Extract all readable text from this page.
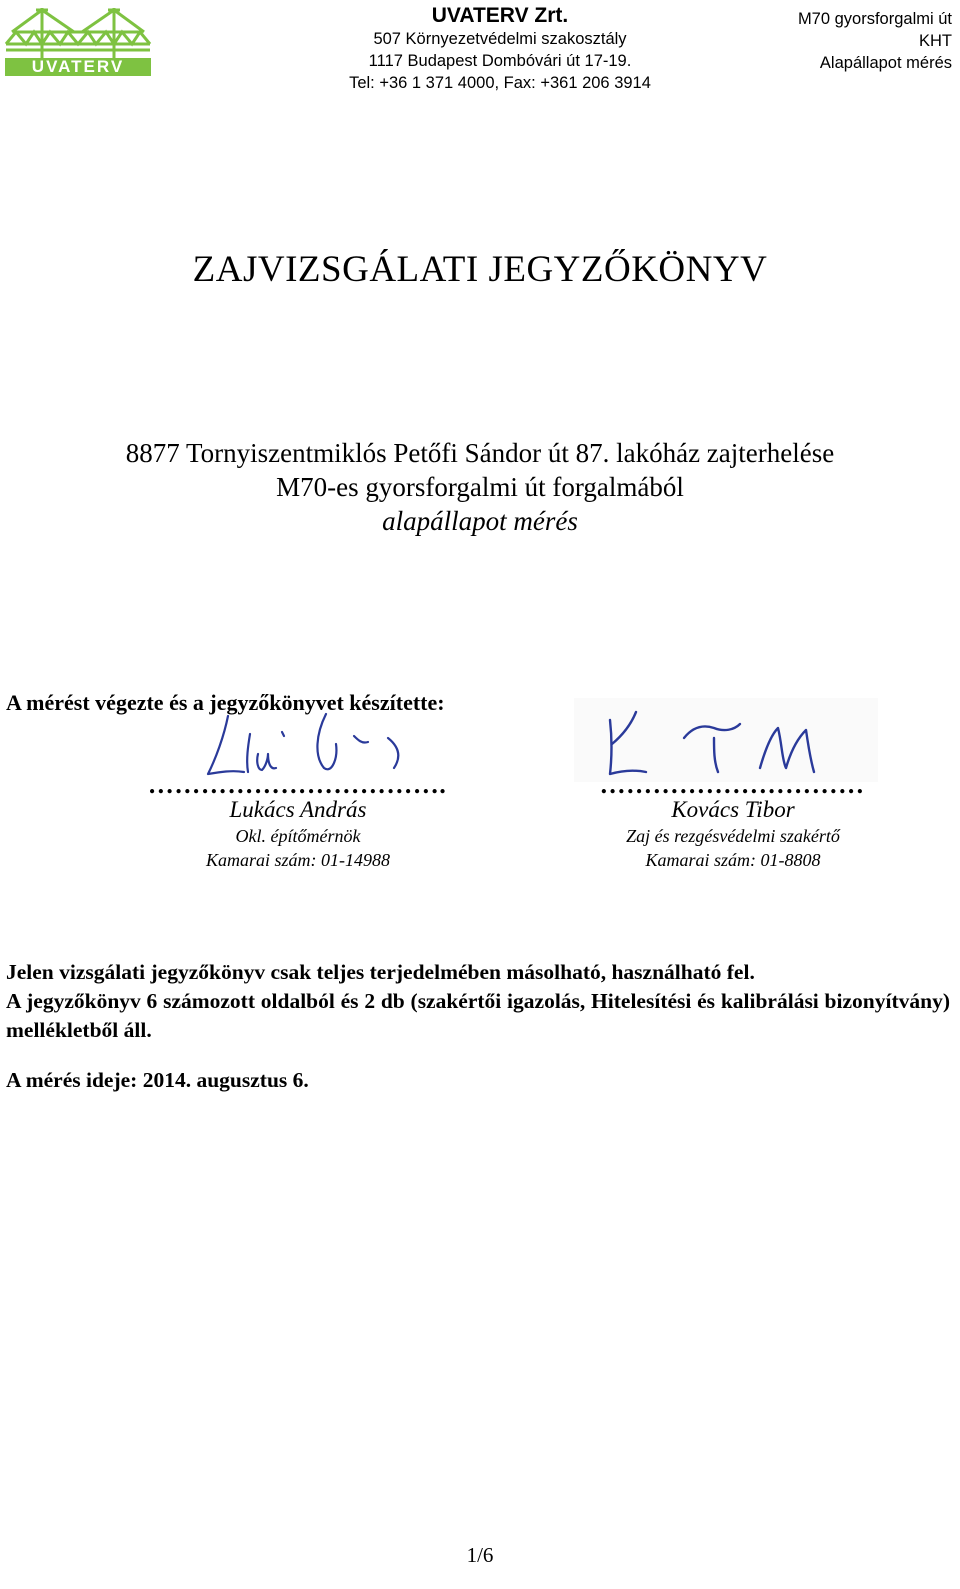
UVATERV
UVATERV Zrt.
507 Környezetvédelmi szakosztály
1117 Budapest Dombóvári út 17-19.
Tel: +36 1 371 4000, Fax: +361 206 3914
M70 gyorsforgalmi út
KHT
Alapállapot mérés
ZAJVIZSGÁLATI JEGYZŐKÖNYV
8877 Tornyiszentmiklós Petőfi Sándor út 87. lakóház zajterhelése
M70-es gyorsforgalmi út forgalmából
alapállapot mérés
A mérést végezte és a jegyzőkönyvet készítette:
…………………………….
Lukács András
Okl. építőmérnök
Kamarai szám: 01-14988
…………………………
Kovács Tibor
Zaj és rezgésvédelmi szakértő
Kamarai szám: 01-8808

Jelen vizsgálati jegyzőkönyv csak teljes terjedelmében másolható, használható fel.

A jegyzőkönyv 6 számozott oldalból és 2 db (szakértői igazolás, Hitelesítési és kalibrálási bizonyítvány) mellékletből áll.

A mérés ideje: 2014. augusztus 6.
1/6
